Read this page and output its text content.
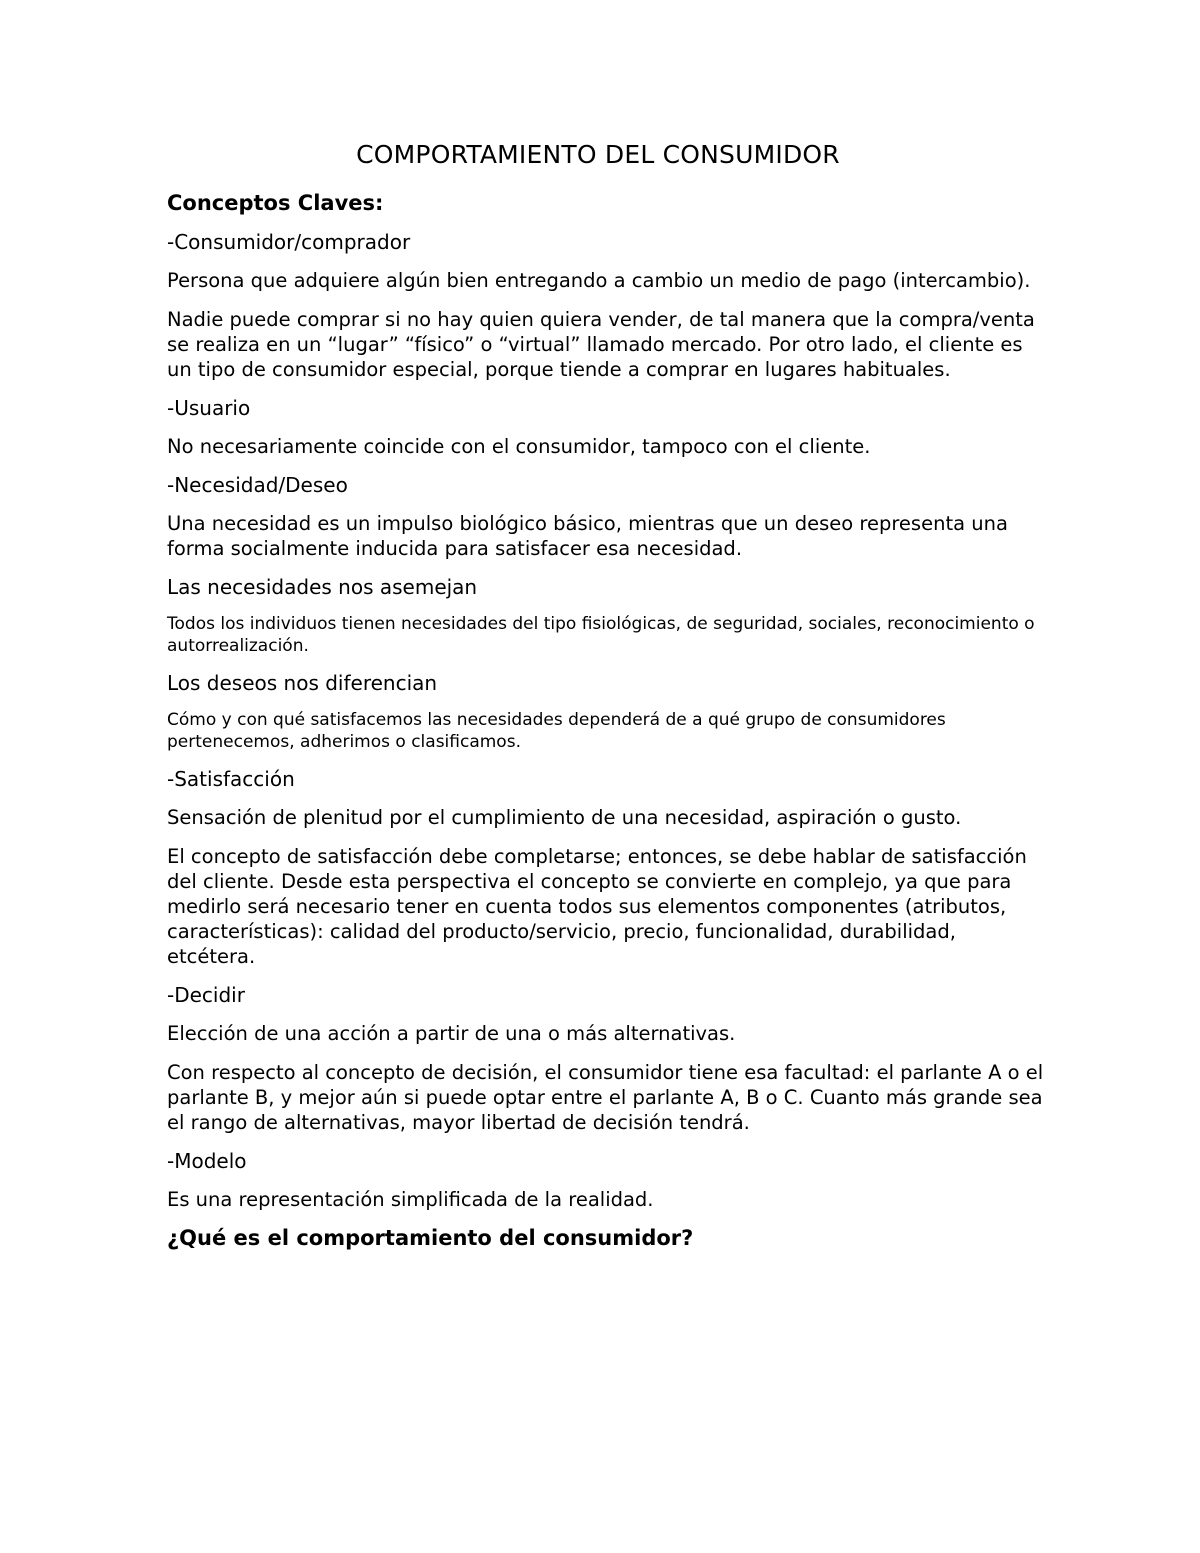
COMPORTAMIENTO DEL CONSUMIDOR
Conceptos Claves:
-Consumidor/comprador
Persona que adquiere algún bien entregando a cambio un medio de pago (intercambio).
Nadie puede comprar si no hay quien quiera vender, de tal manera que la compra/venta se realiza en un “lugar” “físico” o “virtual” llamado mercado. Por otro lado, el cliente es un tipo de consumidor especial, porque tiende a comprar en lugares habituales.
-Usuario
No necesariamente coincide con el consumidor, tampoco con el cliente.
-Necesidad/Deseo
Una necesidad es un impulso biológico básico, mientras que un deseo representa una forma socialmente inducida para satisfacer esa necesidad.
Las necesidades nos asemejan
Todos los individuos tienen necesidades del tipo fisiológicas, de seguridad, sociales, reconocimiento o autorrealización.
Los deseos nos diferencian
Cómo y con qué satisfacemos las necesidades dependerá de a qué grupo de consumidores pertenecemos, adherimos o clasificamos.
-Satisfacción
Sensación de plenitud por el cumplimiento de una necesidad, aspiración o gusto.
El concepto de satisfacción debe completarse; entonces, se debe hablar de satisfacción del cliente. Desde esta perspectiva el concepto se convierte en complejo, ya que para medirlo será necesario tener en cuenta todos sus elementos componentes (atributos, características): calidad del producto/servicio, precio, funcionalidad, durabilidad, etcétera.
-Decidir
Elección de una acción a partir de una o más alternativas.
Con respecto al concepto de decisión, el consumidor tiene esa facultad: el parlante A o el parlante B, y mejor aún si puede optar entre el parlante A, B o C. Cuanto más grande sea el rango de alternativas, mayor libertad de decisión tendrá.
-Modelo
Es una representación simplificada de la realidad.
¿Qué es el comportamiento del consumidor?
